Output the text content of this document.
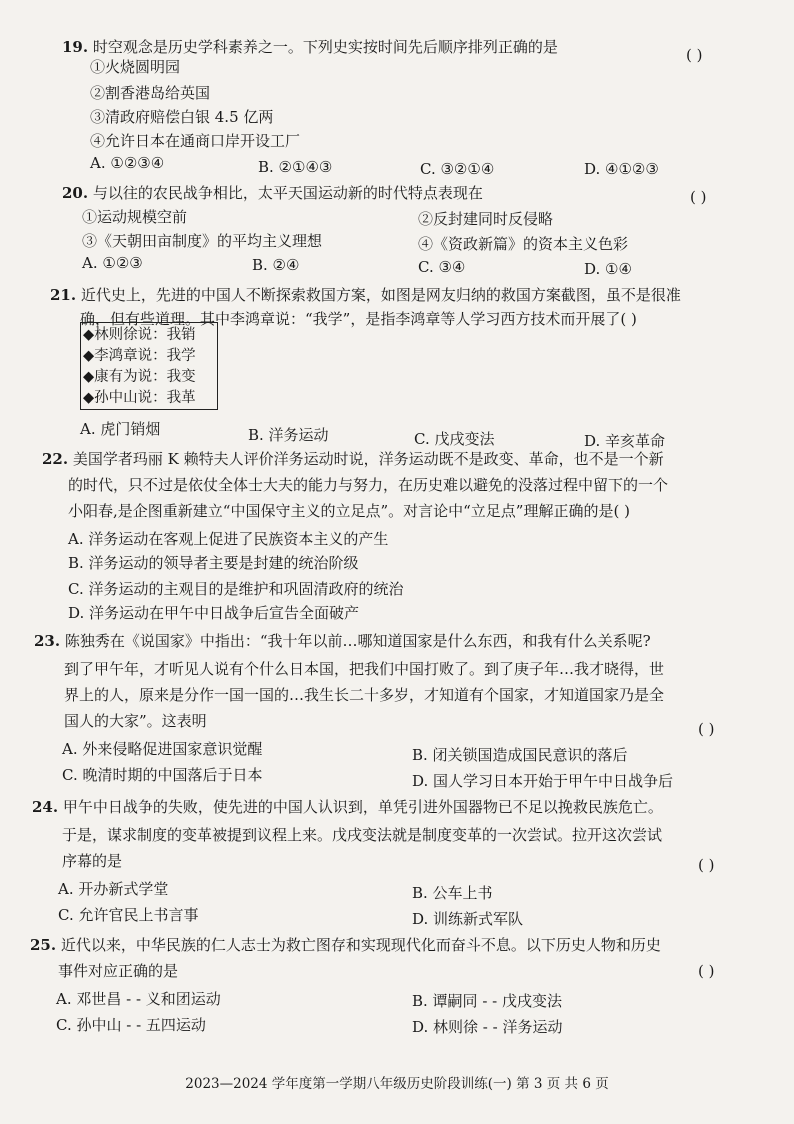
19. 时空观念是历史学科素养之一。下列史实按时间先后顺序排列正确的是	( )
①火烧圆明园
②割香港岛给英国
③清政府赔偿白银 4.5 亿两
④允许日本在通商口岸开设工厂
A. ①②③④	B. ②①④③	C. ③②①④	D. ④①②③
20. 与以往的农民战争相比，太平天国运动新的时代特点表现在	( )
①运动规模空前	②反封建同时反侵略
③《天朝田亩制度》的平均主义理想	④《资政新篇》的资本主义色彩
A. ①②③	B. ②④	C. ③④	D. ①④
21. 近代史上，先进的中国人不断探索救国方案，如图是网友归纳的救国方案截图，虽不是很准
确，但有些道理。其中李鸿章说：“我学”，是指李鸿章等人学习西方技术而开展了( )
◆林则徐说：我销
◆李鸿章说：我学
◆康有为说：我变
◆孙中山说：我革
A. 虎门销烟	B. 洋务运动	C. 戊戌变法	D. 辛亥革命
22. 美国学者玛丽 K 赖特夫人评价洋务运动时说，洋务运动既不是政变、革命，也不是一个新
的时代，只不过是依仗全体士大夫的能力与努力，在历史难以避免的没落过程中留下的一个
小阳春,是企图重新建立“中国保守主义的立足点”。对言论中“立足点”理解正确的是( )
A. 洋务运动在客观上促进了民族资本主义的产生
B. 洋务运动的领导者主要是封建的统治阶级
C. 洋务运动的主观目的是维护和巩固清政府的统治
D. 洋务运动在甲午中日战争后宣告全面破产
23. 陈独秀在《说国家》中指出：“我十年以前…哪知道国家是什么东西，和我有什么关系呢?
到了甲午年，才听见人说有个什么日本国，把我们中国打败了。到了庚子年…我才晓得，世
界上的人，原来是分作一国一国的…我生长二十多岁，才知道有个国家，才知道国家乃是全
国人的大家”。这表明	( )
A. 外来侵略促进国家意识觉醒	B. 闭关锁国造成国民意识的落后
C. 晚清时期的中国落后于日本	D. 国人学习日本开始于甲午中日战争后
24. 甲午中日战争的失败，使先进的中国人认识到，单凭引进外国器物已不足以挽救民族危亡。
于是，谋求制度的变革被提到议程上来。戊戌变法就是制度变革的一次尝试。拉开这次尝试
序幕的是	( )
A. 开办新式学堂	B. 公车上书
C. 允许官民上书言事	D. 训练新式军队
25. 近代以来，中华民族的仁人志士为救亡图存和实现现代化而奋斗不息。以下历史人物和历史
事件对应正确的是	( )
A. 邓世昌 - - 义和团运动	B. 谭嗣同 - - 戊戌变法
C. 孙中山 - - 五四运动	D. 林则徐 - - 洋务运动
2023—2024 学年度第一学期八年级历史阶段训练(一) 第 3 页 共 6 页
